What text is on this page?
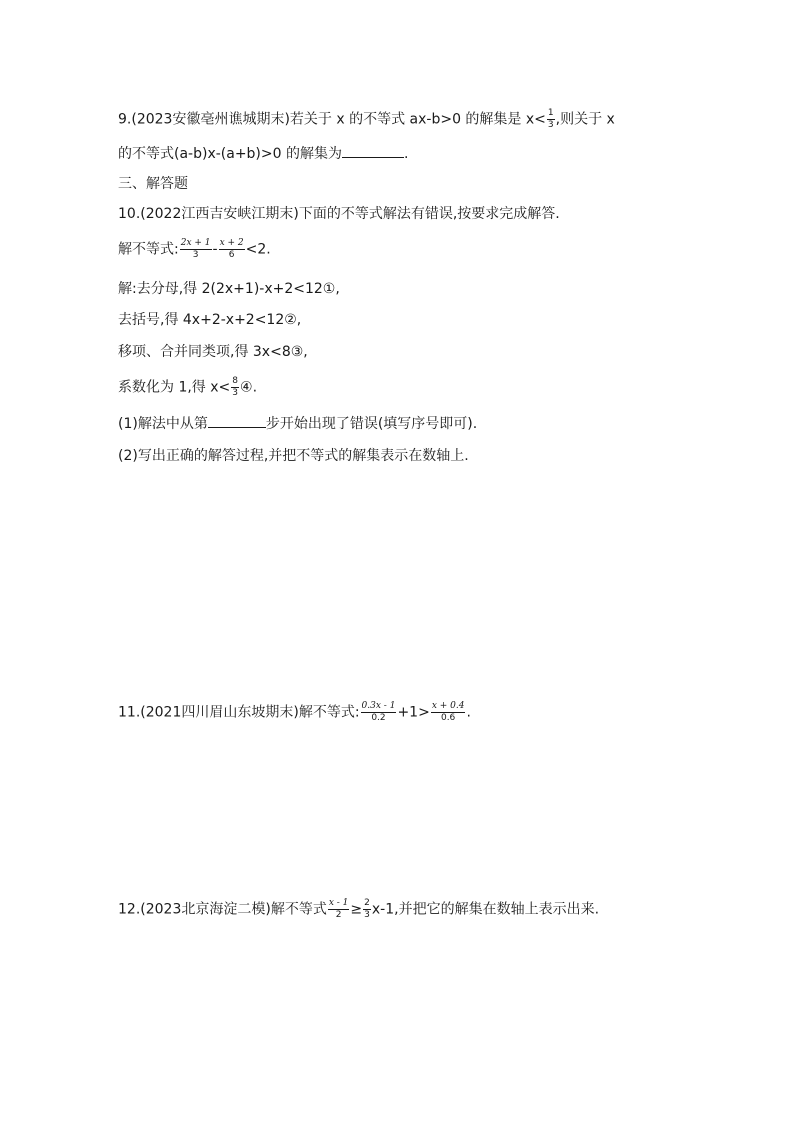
9.(2023安徽亳州谯城期末)若关于 x 的不等式 ax-b>0 的解集是 $x< \frac{1}{3}$ ,则关于 x
的不等式(a-b)x-(a+b)>0 的解集为	.
三、解答题
10.(2022江西吉安峡江期末)下面的不等式解法有错误,按要求完成解答.
解不等式: $\frac{2x + 1}{3} - \frac{x + 2}{6} <2$.
解:去分母,得 2(2x+1)-x+2<12①,
去括号,得 4x+2-x+2<12②,
移项、合并同类项,得 3x<8③,
系数化为 1,得 $x< \frac{8}{3}$ ④.
(1)解法中从第	步开始出现了错误(填写序号即可).
(2)写出正确的解答过程,并把不等式的解集表示在数轴上.
11.(2021四川眉山东坡期末)解不等式: $\frac{0.3x - 1}{0.2} +1> \frac{x + 0.4}{0.6}$ .
12.(2023北京海淀二模)解不等式 $\frac{x - 1}{2} \ge \frac{2}{3} x-1$,并把它的解集在数轴上表示出来.
